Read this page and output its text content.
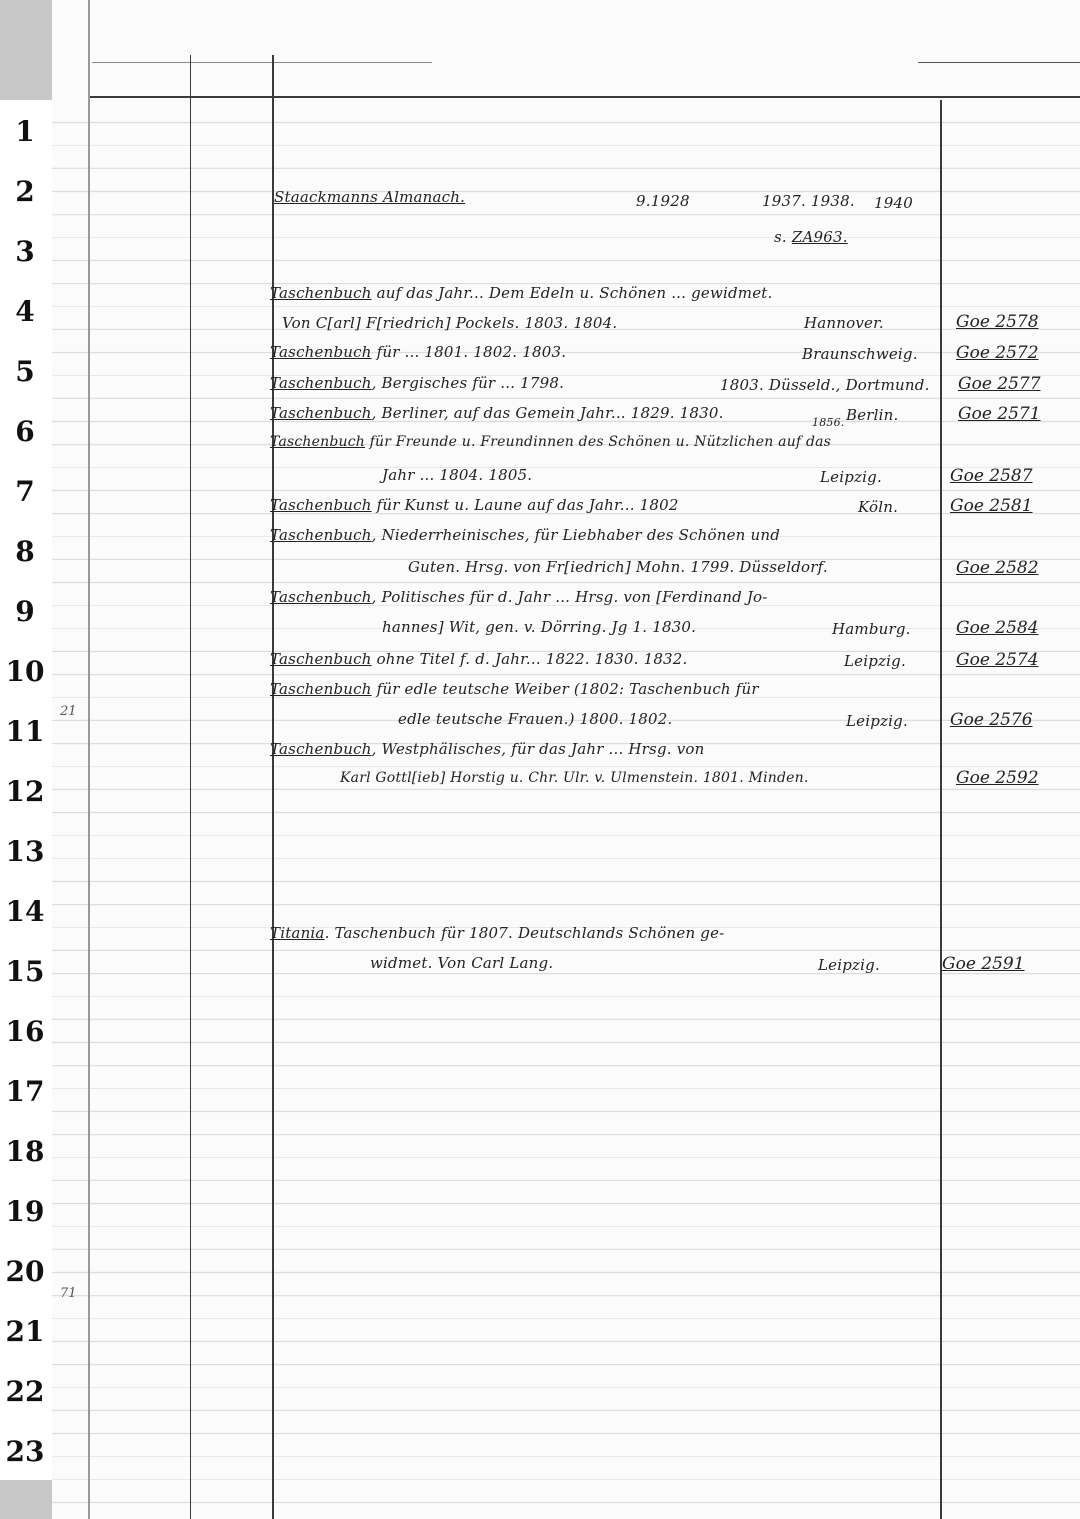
1
2
3
4
5
6
7
8
9
10
11
12
13
14
15
16
17
18
19
20
21
22
23
21
71
Staackmanns Almanach.	9.1928	1937. 1938. 1940
s. ZA963.
Taschenbuch auf das Jahr... Dem Edeln u. Schönen ... gewidmet.
Von C[arl] F[riedrich] Pockels. 1803. 1804.	Hannover.	Goe 2578
Taschenbuch für ... 1801. 1802. 1803.	Braunschweig. Goe 2572
Taschenbuch, Bergisches für ... 1798.	1803. Düsseld., Dortmund. Goe 2577
Taschenbuch, Berliner, auf das Gemein Jahr... 1829. 1830.	Berlin.	Goe 2571
1856.
Taschenbuch für Freunde u. Freundinnen des Schönen u. Nützlichen auf das
Jahr ... 1804. 1805.	Leipzig.	Goe 2587
Taschenbuch für Kunst u. Laune auf das Jahr... 1802	Köln.	Goe 2581
Taschenbuch, Niederrheinisches, für Liebhaber des Schönen und
Guten. Hrsg. von Fr[iedrich] Mohn. 1799. Düsseldorf.	Goe 2582
Taschenbuch, Politisches für d. Jahr ... Hrsg. von [Ferdinand Jo-
hannes] Wit, gen. v. Dörring. Jg 1. 1830.	Hamburg.	Goe 2584
Taschenbuch ohne Titel f. d. Jahr... 1822. 1830. 1832.	Leipzig.	Goe 2574
Taschenbuch für edle teutsche Weiber (1802: Taschenbuch für
edle teutsche Frauen.) 1800. 1802.	Leipzig. Goe 2576
Taschenbuch, Westphälisches, für das Jahr ... Hrsg. von
Karl Gottl[ieb] Horstig u. Chr. Ulr. v. Ulmenstein. 1801. Minden.	Goe 2592
Titania. Taschenbuch für 1807. Deutschlands Schönen ge-
widmet. Von Carl Lang.	Leipzig.	Goe 2591
